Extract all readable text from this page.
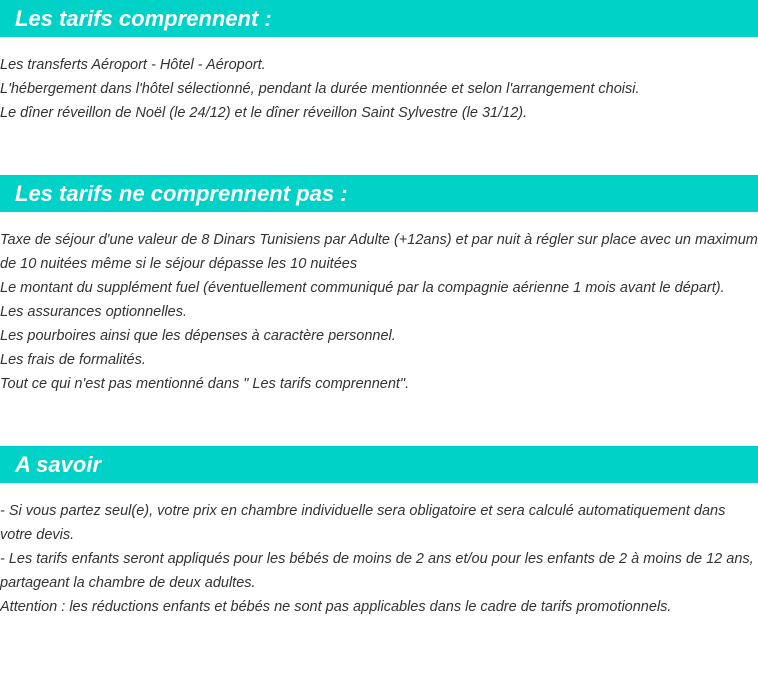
Les tarifs comprennent :
Les transferts Aéroport - Hôtel - Aéroport.
L'hébergement dans l'hôtel sélectionné, pendant la durée mentionnée et selon l'arrangement choisi.
Le dîner réveillon de Noël (le 24/12) et le dîner réveillon Saint Sylvestre (le 31/12).
Les tarifs ne comprennent pas :
Taxe de séjour d'une valeur de 8 Dinars Tunisiens par Adulte (+12ans) et par nuit à régler sur place avec un maximum de 10 nuitées même si le séjour dépasse les 10 nuitées
Le montant du supplément fuel (éventuellement communiqué par la compagnie aérienne 1 mois avant le départ).
Les assurances optionnelles.
Les pourboires ainsi que les dépenses à caractère personnel.
Les frais de formalités.
Tout ce qui n'est pas mentionné dans " Les tarifs comprennent".
A savoir
- Si vous partez seul(e), votre prix en chambre individuelle sera obligatoire et sera calculé automatiquement dans votre devis.
- Les tarifs enfants seront appliqués pour les bébés de moins de 2 ans et/ou pour les enfants de 2 à moins de 12 ans, partageant la chambre de deux adultes.
Attention : les réductions enfants et bébés ne sont pas applicables dans le cadre de tarifs promotionnels.
